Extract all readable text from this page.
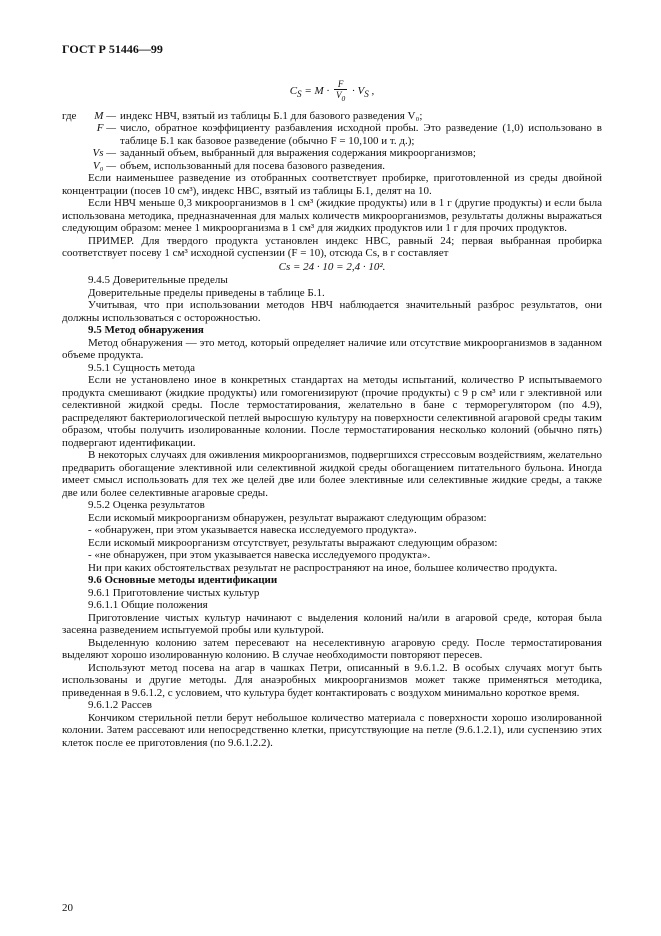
ГОСТ Р 51446—99
$C_S = M \cdot \frac{F}{V_0} \cdot V_S$ ,
где	M —	индекс НВЧ, взятый из таблицы Б.1 для базового разведения V₀;
	F —	число, обратное коэффициенту разбавления исходной пробы. Это разведение (1,0) использовано в таблице Б.1 как базовое разведение (обычно F = 10,100 и т. д.);
	Vs —	заданный объем, выбранный для выражения содержания микроорганизмов;
	V₀ —	объем, использованный для посева базового разведения.

Если наименьшее разведение из отобранных соответствует пробирке, приготовленной из среды двойной концентрации (посев 10 см³), индекс НВС, взятый из таблицы Б.1, делят на 10.

Если НВЧ меньше 0,3 микроорганизмов в 1 см³ (жидкие продукты) или в 1 г (другие продукты) и если была использована методика, предназначенная для малых количеств микроорганизмов, результаты должны выражаться следующим образом: менее 1 микроорганизма в 1 см³ для жидких продуктов или 1 г для прочих продуктов.

ПРИМЕР. Для твердого продукта установлен индекс НВС, равный 24; первая выбранная пробирка соответствует посеву 1 см³ исходной суспензии (F = 10), отсюда Cs, в г составляет

Cs = 24 · 10 = 2,4 · 10².

9.4.5 Доверительные пределы

Доверительные пределы приведены в таблице Б.1.

Учитывая, что при использовании методов НВЧ наблюдается значительный разброс результатов, они должны использоваться с осторожностью.

9.5 Метод обнаружения

Метод обнаружения — это метод, который определяет наличие или отсутствие микроорганизмов в заданном объеме продукта.

9.5.1 Сущность метода

Если не установлено иное в конкретных стандартах на методы испытаний, количество P испытываемого продукта смешивают (жидкие продукты) или гомогенизируют (прочие продукты) с 9 p см³ или г элективной или селективной жидкой среды. После термостатирования, желательно в бане с терморегулятором (по 4.9), распределяют бактериологической петлей выросшую культуру на поверхности селективной агаровой среды таким образом, чтобы получить изолированные колонии. После термостатирования несколько колоний (обычно пять) подвергают идентификации.

В некоторых случаях для оживления микроорганизмов, подвергшихся стрессовым воздействиям, желательно предварить обогащение элективной или селективной жидкой среды обогащением питательного бульона. Иногда имеет смысл использовать для тех же целей две или более элективные или селективные жидкие среды, а также две или более селективные агаровые среды.

9.5.2 Оценка результатов

Если искомый микроорганизм обнаружен, результат выражают следующим образом:

- «обнаружен, при этом указывается навеска исследуемого продукта».

Если искомый микроорганизм отсутствует, результаты выражают следующим образом:

- «не обнаружен, при этом указывается навеска исследуемого продукта».

Ни при каких обстоятельствах результат не распространяют на иное, большее количество продукта.

9.6 Основные методы идентификации

9.6.1 Приготовление чистых культур

9.6.1.1 Общие положения

Приготовление чистых культур начинают с выделения колоний на/или в агаровой среде, которая была засеяна разведением испытуемой пробы или культурой.

Выделенную колонию затем пересевают на неселективную агаровую среду. После термостатирования выделяют хорошо изолированную колонию. В случае необходимости повторяют пересев.

Используют метод посева на агар в чашках Петри, описанный в 9.6.1.2. В особых случаях могут быть использованы и другие методы. Для анаэробных микроорганизмов может также применяться методика, приведенная в 9.6.1.2, с условием, что культура будет контактировать с воздухом минимально короткое время.

9.6.1.2 Рассев

Кончиком стерильной петли берут небольшое количество материала с поверхности хорошо изолированной колонии. Затем рассевают или непосредственно клетки, присутствующие на петле (9.6.1.2.1), или суспензию этих клеток после ее приготовления (по 9.6.1.2.2).

20
